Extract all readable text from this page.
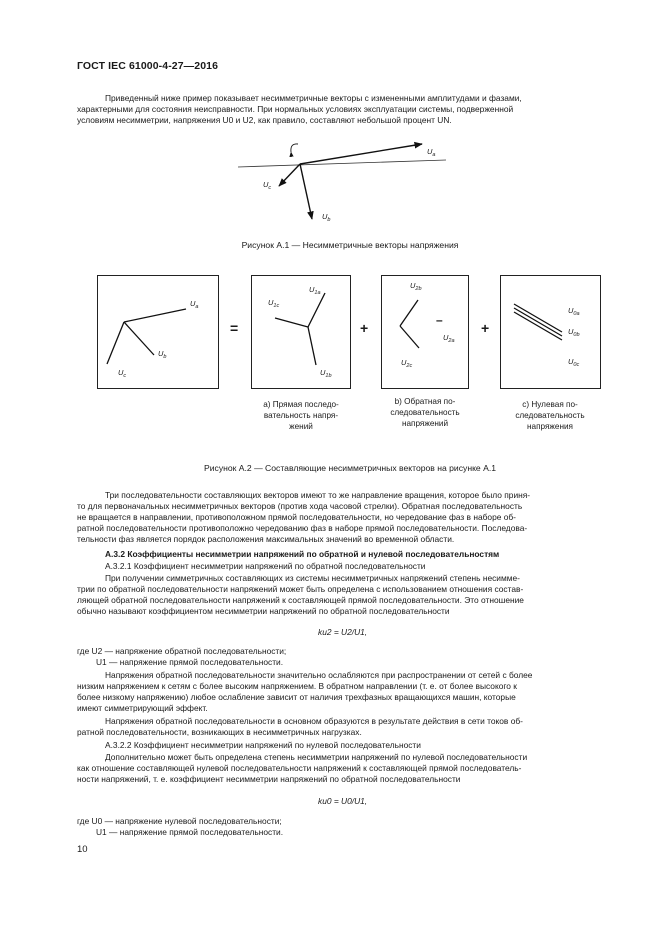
ГОСТ IEC 61000-4-27—2016
Приведенный ниже пример показывает несимметричные векторы с измененными амплитудами и фазами,
характерными для состояния неисправности. При нормальных условиях эксплуатации системы, подверженной
условиям несимметрии, напряжения U0 и U2, как правило, составляют небольшой процент UN.
$U_a$
$U_c$
$U_b$
Рисунок А.1 — Несимметричные векторы напряжения
$U_a$
$U_b$
$U_c$
$U_{1c}$
$U_{1a}$
$U_{1b}$
$U_{2b}$
$U_{2a}$
$U_{2c}$
$U_{0a}$
$U_{0b}$
$U_{0c}$
=	+	–	+
a) Прямая последо-
вательность напря-
жений
b) Обратная по-
следовательность
напряжений
c) Нулевая по-
следовательность
напряжения
Рисунок А.2 — Составляющие несимметричных векторов на рисунке А.1
Три последовательности составляющих векторов имеют то же направление вращения, которое было приня-
то для первоначальных несимметричных векторов (против хода часовой стрелки). Обратная последовательность
не вращается в направлении, противоположном прямой последовательности, но чередование фаз в наборе об-
ратной последовательности противоположно чередованию фаз в наборе прямой последовательности. Последова-
тельности фаз является порядок расположения максимальных значений во временной области.
А.3.2 Коэффициенты несимметрии напряжений по обратной и нулевой последовательностям
А.3.2.1 Коэффициент несимметрии напряжений по обратной последовательности
При получении симметричных составляющих из системы несимметричных напряжений степень несимме-
трии по обратной последовательности напряжений может быть определена с использованием отношения состав-
ляющей обратной последовательности напряжений к составляющей прямой последовательности. Это отношение
обычно называют коэффициентом несимметрии напряжений по обратной последовательности
ku2 = U2/U1,
где U2 — напряжение обратной последовательности;
U1 — напряжение прямой последовательности.
Напряжения обратной последовательности значительно ослабляются при распространении от сетей с более
низким напряжением к сетям с более высоким напряжением. В обратном направлении (т. е. от более высокого к
более низкому напряжению) любое ослабление зависит от наличия трехфазных вращающихся машин, которые
имеют симметрирующий эффект.
Напряжения обратной последовательности в основном образуются в результате действия в сети токов об-
ратной последовательности, возникающих в несимметричных нагрузках.
А.3.2.2 Коэффициент несимметрии напряжений по нулевой последовательности
Дополнительно может быть определена степень несимметрии напряжений по нулевой последовательности
как отношение составляющей нулевой последовательности напряжений к составляющей прямой последователь-
ности напряжений, т. е. коэффициент несимметрии напряжений по обратной последовательности
ku0 = U0/U1,
где U0 — напряжение нулевой последовательности;
U1 — напряжение прямой последовательности.
10
